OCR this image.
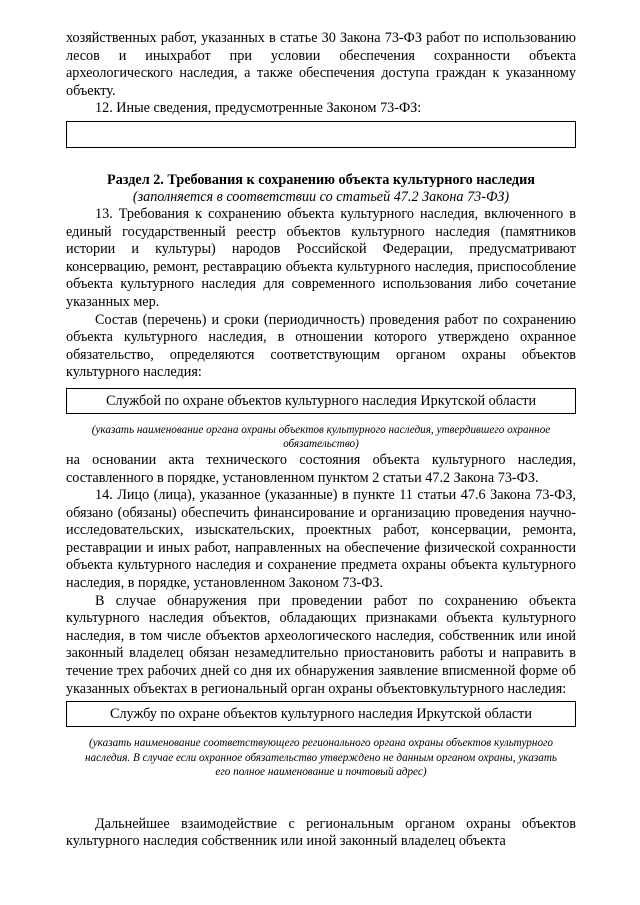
хозяйственных работ, указанных в статье 30 Закона 73-ФЗ работ по использованию лесов и иныхработ при условии обеспечения сохранности объекта археологического наследия, а также обеспечения доступа граждан к указанному объекту.

12. Иные сведения, предусмотренные Законом 73-ФЗ:

Раздел 2. Требования к сохранению объекта культурного наследия
(заполняется в соответствии со статьей 47.2 Закона 73-ФЗ)

13. Требования к сохранению объекта культурного наследия, включенного в единый государственный реестр объектов культурного наследия (памятников истории и культуры) народов Российской Федерации, предусматривают консервацию, ремонт, реставрацию объекта культурного наследия, приспособление объекта культурного наследия для современного использования либо сочетание указанных мер.

Состав (перечень) и сроки (периодичность) проведения работ по сохранению объекта культурного наследия, в отношении которого утверждено охранное обязательство, определяются соответствующим органом охраны объектов культурного наследия:

Службой по охране объектов культурного наследия Иркутской области
(указать наименование органа охраны объектов культурного наследия, утвердившего охранное обязательство)

на основании акта технического состояния объекта культурного наследия, составленного в порядке, установленном пунктом 2 статьи 47.2 Закона 73-ФЗ.

14. Лицо (лица), указанное (указанные) в пункте 11 статьи 47.6 Закона 73-ФЗ, обязано (обязаны) обеспечить финансирование и организацию проведения научно-исследовательских, изыскательских, проектных работ, консервации, ремонта, реставрации и иных работ, направленных на обеспечение физической сохранности объекта культурного наследия и сохранение предмета охраны объекта культурного наследия, в порядке, установленном Законом 73-ФЗ.

В случае обнаружения при проведении работ по сохранению объекта культурного наследия объектов, обладающих признаками объекта культурного наследия, в том числе объектов археологического наследия, собственник или иной законный владелец обязан незамедлительно приостановить работы и направить в течение трех рабочих дней со дня их обнаружения заявление вписменной форме об указанных объектах в региональный орган охраны объектовкультурного наследия:

Службу по охране объектов культурного наследия Иркутской области
(указать наименование соответствующего регионального органа охраны объектов культурного наследия. В случае если охранное обязательство утверждено не данным органом охраны, указать его полное наименование и почтовый адрес)

Дальнейшее взаимодействие с региональным органом охраны объектов культурного наследия собственник или иной законный владелец объекта
